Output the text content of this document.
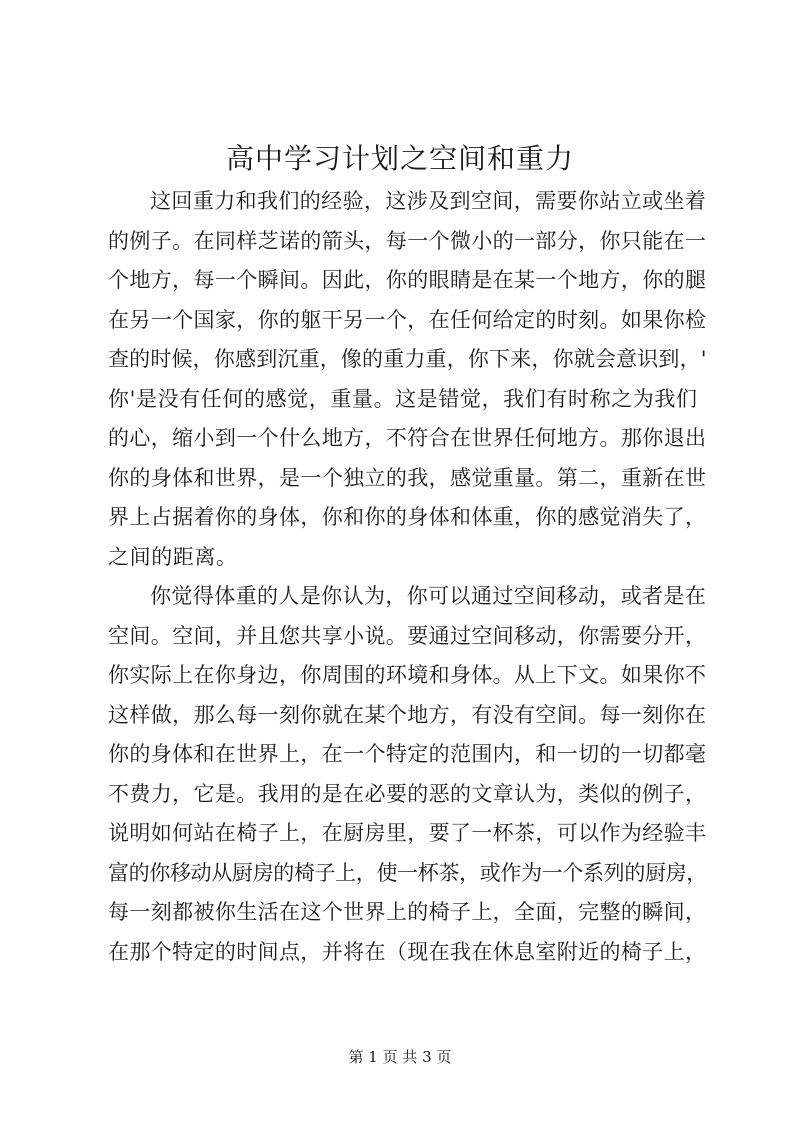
高中学习计划之空间和重力

这回重力和我们的经验，这涉及到空间，需要你站立或坐着
的例子。在同样芝诺的箭头，每一个微小的一部分，你只能在一
个地方，每一个瞬间。因此，你的眼睛是在某一个地方，你的腿
在另一个国家，你的躯干另一个，在任何给定的时刻。如果你检
查的时候，你感到沉重，像的重力重，你下来，你就会意识到，'
你'是没有任何的感觉，重量。这是错觉，我们有时称之为我们
的心，缩小到一个什么地方，不符合在世界任何地方。那你退出
你的身体和世界，是一个独立的我，感觉重量。第二，重新在世
界上占据着你的身体，你和你的身体和体重，你的感觉消失了，
之间的距离。

你觉得体重的人是你认为，你可以通过空间移动，或者是在
空间。空间，并且您共享小说。要通过空间移动，你需要分开，
你实际上在你身边，你周围的环境和身体。从上下文。如果你不
这样做，那么每一刻你就在某个地方，有没有空间。每一刻你在
你的身体和在世界上，在一个特定的范围内，和一切的一切都毫
不费力，它是。我用的是在必要的恶的文章认为，类似的例子，
说明如何站在椅子上，在厨房里，要了一杯茶，可以作为经验丰
富的你移动从厨房的椅子上，使一杯茶，或作为一个系列的厨房，
每一刻都被你生活在这个世界上的椅子上，全面，完整的瞬间，
在那个特定的时间点，并将在（现在我在休息室附近的椅子上，

第 1 页 共 3 页
